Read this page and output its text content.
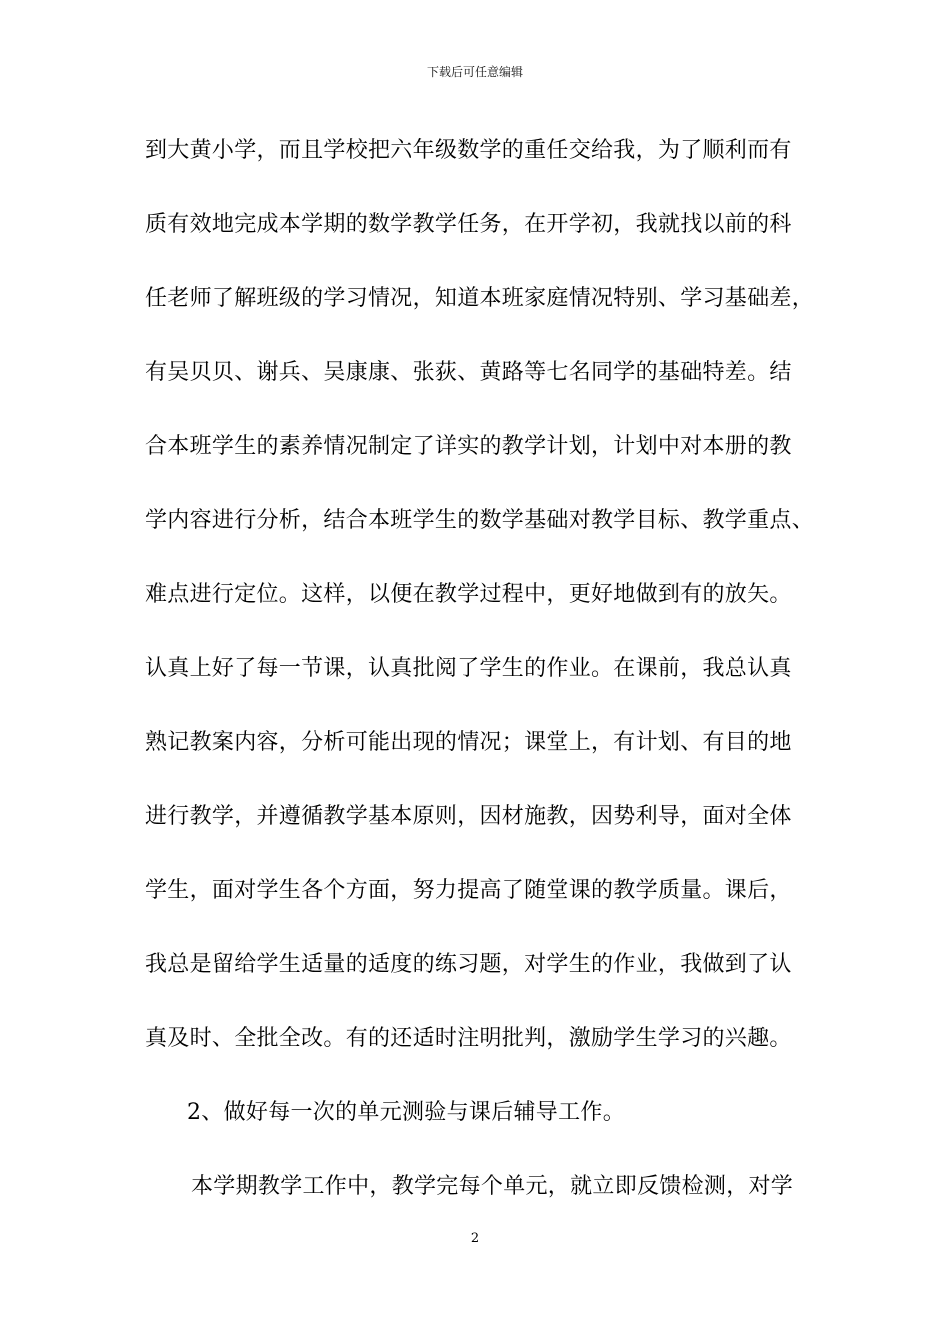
下载后可任意编辑
到大黄小学，而且学校把六年级数学的重任交给我，为了顺利而有
质有效地完成本学期的数学教学任务，在开学初，我就找以前的科
任老师了解班级的学习情况，知道本班家庭情况特别、学习基础差，
有吴贝贝、谢兵、吴康康、张荻、黄路等七名同学的基础特差。结
合本班学生的素养情况制定了详实的教学计划，计划中对本册的教
学内容进行分析，结合本班学生的数学基础对教学目标、教学重点、
难点进行定位。这样，以便在教学过程中，更好地做到有的放矢。
认真上好了每一节课，认真批阅了学生的作业。在课前，我总认真
熟记教案内容，分析可能出现的情况；课堂上，有计划、有目的地
进行教学，并遵循教学基本原则，因材施教，因势利导，面对全体
学生，面对学生各个方面，努力提高了随堂课的教学质量。课后，
我总是留给学生适量的适度的练习题，对学生的作业，我做到了认
真及时、全批全改。有的还适时注明批判，激励学生学习的兴趣。
2、做好每一次的单元测验与课后辅导工作。
本学期教学工作中，教学完每个单元，就立即反馈检测，对学
2
